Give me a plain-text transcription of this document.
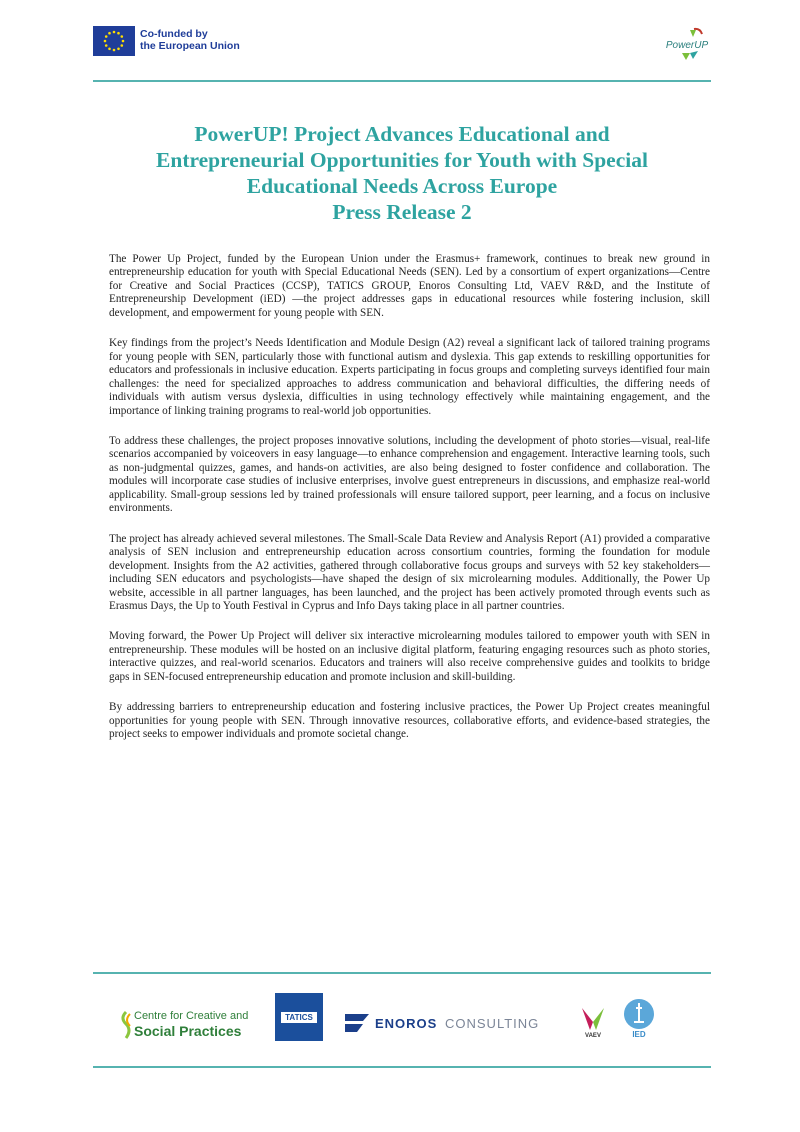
Co-funded by
the European Union	PowerUP
PowerUP! Project Advances Educational and
Entrepreneurial Opportunities for Youth with Special
Educational Needs Across Europe
Press Release 2

The Power Up Project, funded by the European Union under the Erasmus+ framework, continues to break new ground in entrepreneurship education for youth with Special Educational Needs (SEN). Led by a consortium of expert organizations—Centre for Creative and Social Practices (CCSP), TATICS GROUP, Enoros Consulting Ltd, VAEV R&D, and the Institute of Entrepreneurship Development (iED) —the project addresses gaps in educational resources while fostering inclusion, skill development, and empowerment for young people with SEN.

Key findings from the project’s Needs Identification and Module Design (A2) reveal a significant lack of tailored training programs for young people with SEN, particularly those with functional autism and dyslexia. This gap extends to reskilling opportunities for educators and professionals in inclusive education. Experts participating in focus groups and completing surveys identified four main challenges: the need for specialized approaches to address communication and behavioral difficulties, the differing needs of individuals with autism versus dyslexia, difficulties in using technology effectively while maintaining engagement, and the importance of linking training programs to real-world job opportunities.

To address these challenges, the project proposes innovative solutions, including the development of photo stories—visual, real-life scenarios accompanied by voiceovers in easy language—to enhance comprehension and engagement. Interactive learning tools, such as non-judgmental quizzes, games, and hands-on activities, are also being designed to foster confidence and collaboration. The modules will incorporate case studies of inclusive enterprises, involve guest entrepreneurs in discussions, and emphasize real-world applicability. Small-group sessions led by trained professionals will ensure tailored support, peer learning, and a focus on inclusive environments.

The project has already achieved several milestones. The Small-Scale Data Review and Analysis Report (A1) provided a comparative analysis of SEN inclusion and entrepreneurship education across consortium countries, forming the foundation for module development. Insights from the A2 activities, gathered through collaborative focus groups and surveys with 52 key stakeholders—including SEN educators and psychologists—have shaped the design of six microlearning modules. Additionally, the Power Up website, accessible in all partner languages, has been launched, and the project has been actively promoted through events such as Erasmus Days, the Up to Youth Festival in Cyprus and Info Days taking place in all partner countries.

Moving forward, the Power Up Project will deliver six interactive microlearning modules tailored to empower youth with SEN in entrepreneurship. These modules will be hosted on an inclusive digital platform, featuring engaging resources such as photo stories, interactive quizzes, and real-world scenarios. Educators and trainers will also receive comprehensive guides and toolkits to bridge gaps in SEN-focused entrepreneurship education and promote inclusion and skill-building.

By addressing barriers to entrepreneurship education and fostering inclusive practices, the Power Up Project creates meaningful opportunities for young people with SEN. Through innovative resources, collaborative efforts, and evidence-based strategies, the project seeks to empower individuals and promote societal change.

Centre for Creative and
Social Practices
TATICS	ENOROS CONSULTING
VAEV	IED
